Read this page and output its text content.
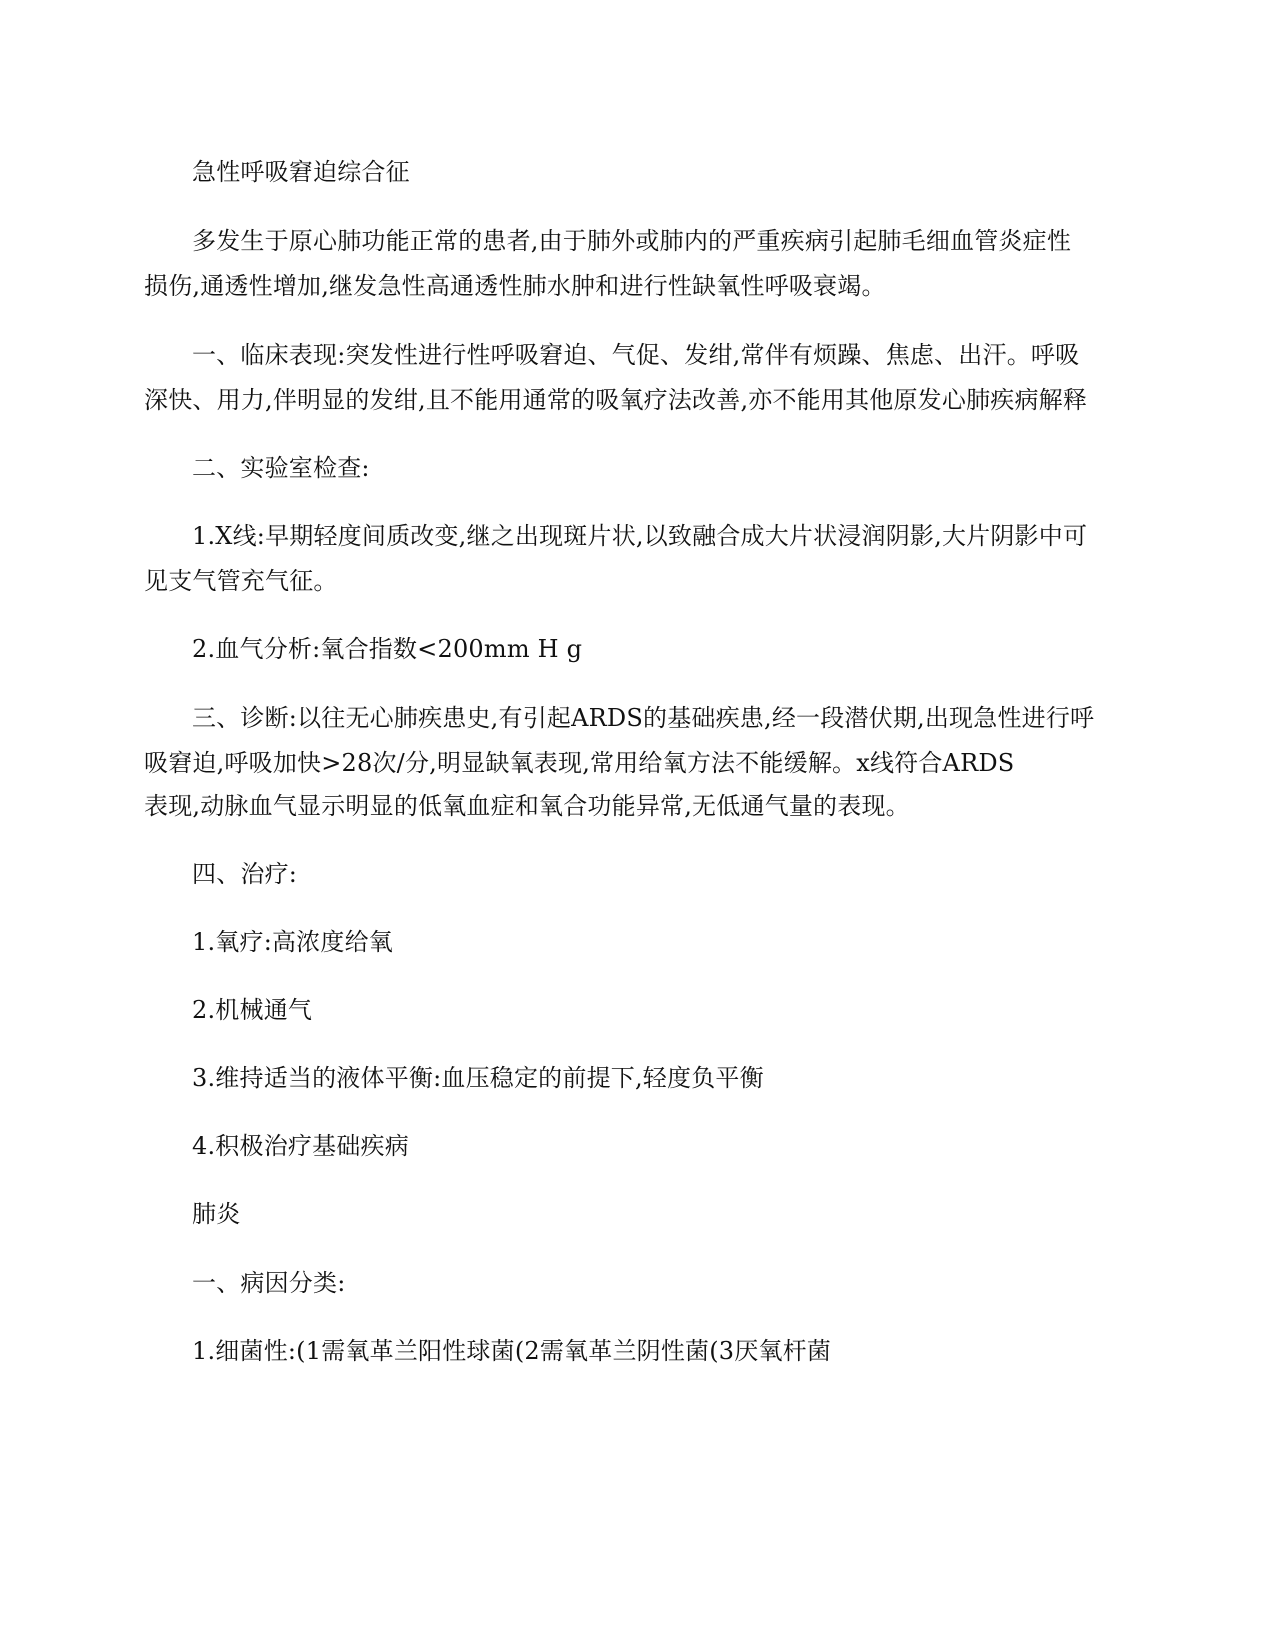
急性呼吸窘迫综合征
多发生于原心肺功能正常的患者,由于肺外或肺内的严重疾病引起肺毛细血管炎症性
损伤,通透性增加,继发急性高通透性肺水肿和进行性缺氧性呼吸衰竭。
一、临床表现:突发性进行性呼吸窘迫、气促、发绀,常伴有烦躁、焦虑、出汗。呼吸
深快、用力,伴明显的发绀,且不能用通常的吸氧疗法改善,亦不能用其他原发心肺疾病解释
二、实验室检查:
1.X线:早期轻度间质改变,继之出现斑片状,以致融合成大片状浸润阴影,大片阴影中可
见支气管充气征。
2.血气分析:氧合指数<200mm H g
三、诊断:以往无心肺疾患史,有引起ARDS的基础疾患,经一段潜伏期,出现急性进行呼
吸窘迫,呼吸加快>28次/分,明显缺氧表现,常用给氧方法不能缓解。x线符合ARDS
表现,动脉血气显示明显的低氧血症和氧合功能异常,无低通气量的表现。
四、治疗:
1.氧疗:高浓度给氧
2.机械通气
3.维持适当的液体平衡:血压稳定的前提下,轻度负平衡
4.积极治疗基础疾病
肺炎
一、病因分类:
1.细菌性:(1需氧革兰阳性球菌(2需氧革兰阴性菌(3厌氧杆菌
